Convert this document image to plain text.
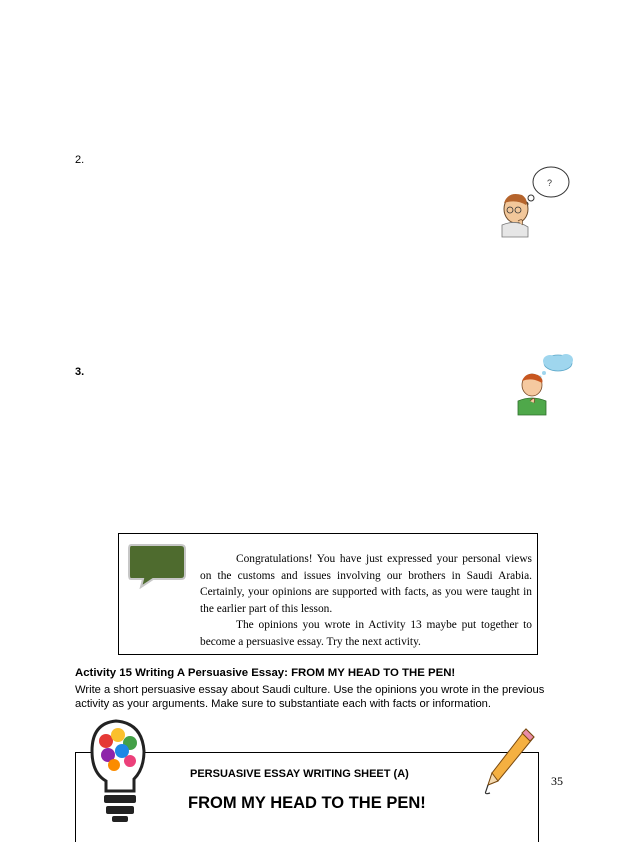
2.
3.
?

Congratulations! You have just expressed your personal views on the customs and issues involving our brothers in Saudi Arabia. Certainly, your opinions are supported with facts, as you were taught in the earlier part of this lesson.

The opinions you wrote in Activity 13 maybe put together to become a persuasive essay. Try the next activity.

Activity 15 Writing A Persuasive Essay: FROM MY HEAD TO THE PEN!
Write a short persuasive essay about Saudi culture. Use the opinions you wrote in the previous activity as your arguments. Make sure to substantiate each with facts or information.
PERSUASIVE ESSAY WRITING SHEET (A)
FROM MY HEAD TO THE PEN!
35
